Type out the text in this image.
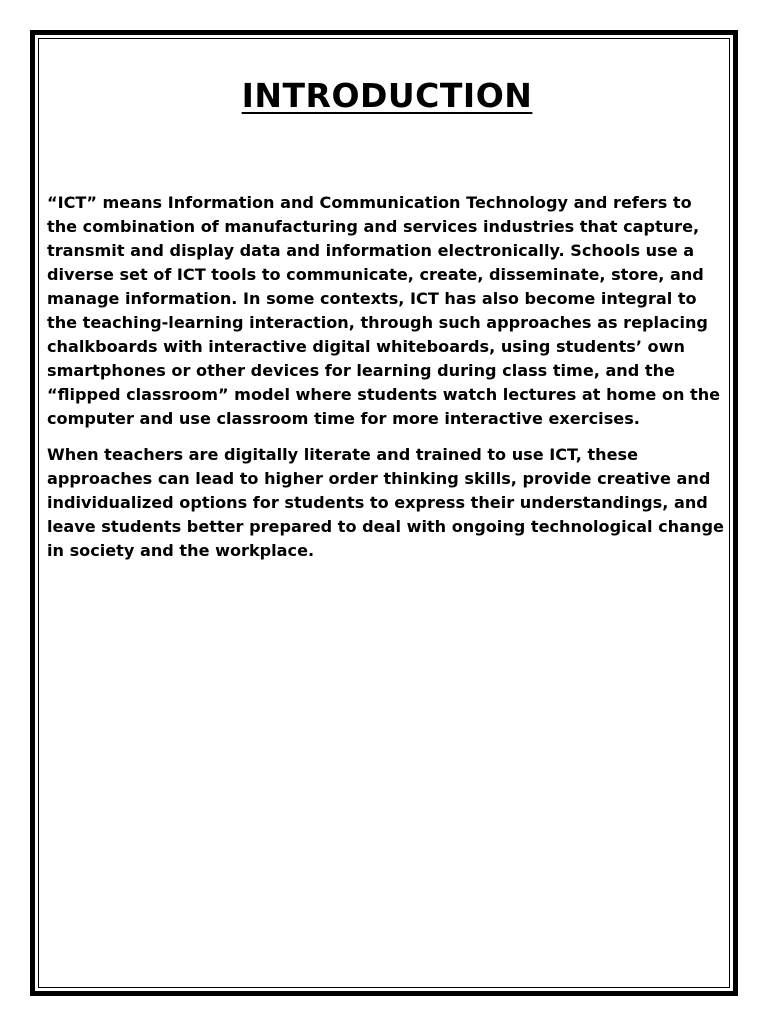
INTRODUCTION

“ICT” means Information and Communication Technology and refers to the combination of manufacturing and services industries that capture, transmit and display data and information electronically. Schools use a diverse set of ICT tools to communicate, create, disseminate, store, and manage information. In some contexts, ICT has also become integral to the teaching-learning interaction, through such approaches as replacing chalkboards with interactive digital whiteboards, using students’ own smartphones or other devices for learning during class time, and the “flipped classroom” model where students watch lectures at home on the computer and use classroom time for more interactive exercises.

When teachers are digitally literate and trained to use ICT, these approaches can lead to higher order thinking skills, provide creative and individualized options for students to express their understandings, and leave students better prepared to deal with ongoing technological change in society and the workplace.
